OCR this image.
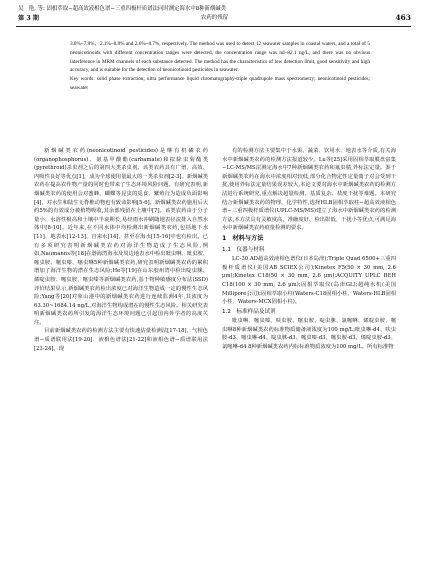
吴　艳, 等: 固相萃取−超高效液相色谱−三重四极杆质谱法同时测定海水中8种新烟碱类
第 3 期	农药的残留	463

3.0%~7.8%，2.1%~8.8% and 2.6%~8.7%, respectively. The method was used to detect 12 seawater samples in coastal waters, and a total of 5 neonicotinoids with different concentration ranges were detected, the concentration range was nd~82.1 ng/L, and there was no obvious interference in MRM channels of each substance detected. The method has the characteristics of low detection limit, good sensitivity and high accuracy, and is suitable for the detection of neonicotinoid pesticides in seawater.

Key words: solid phase extraction; ultra performance liquid chromatography-triple quadrupole mass spectrometry; neonicotinoid pesticides; seawater

新烟碱类农药(neonicotinoid pesticides)是继有机磷农药(organophosphorus)、氨基甲酸酯(carbamate)和拟除虫菊酯类(pyrethroid)杀虫剂之后的第四大类杀虫剂。该类农药具有广谱、高效、内吸性良好等优点[1]，成为全球使用量最大的一类杀虫剂[2-3]。新烟碱类农药在提高农作物产量的同时也带来了生态环境风险问题。有研究表明,新烟碱类农药的使用会对蜜蜂、蝴蝶等昆虫的觅食、繁殖行为造成负面影响[4]，对水生和陆生无脊椎动物也有致命影响[5-6]。新烟碱类农药施用后大约5%的有效成分被植物吸收,其余部残留在土壤中[7]。该类农药由于分子量小、水溶性极高和土壤中半衰期长,易经雨水冲刷随地表径流排入自然水体中[8-10]。近年来,在不同水体中均检测出新烟碱类农药,包括地下水[11]、地表水[12-13]、自来水[14]、甚至在海水[15-16]中也有检出。已有多项研究表明新烟碱类农药对海洋生物造成了生态风险,例如,Naumanns等[18]在渤海湾海水及周边地表水中检出吡虫啉、吡虫胺、噻虫胺、噻虫嗪、噻虫啉5种新烟碱类农药,研究表明新烟碱类农药的累积增加了海洋生物的潜在生态风险;He等[19]在山东胶州湾中检出啶虫脒、烯啶虫胺、噻虫胺、噻虫嗪等新烟碱类农药,基于物种敏感度分布法(SSD)评价结果显示,新烟碱类农药检出浓度已对海洋生物造成一定的慢性生态风险;Yang等[20]对象山港中的新烟碱类农药进行连续监测4年,其浓度为63.30~1684.14 ng/L,对海洋生物构成潜在的慢性生态风险。相关研究表明新烟碱类农药所引发的海洋生态环境问题已引起国内外学者的高度关注。

目前新烟碱类农药的检测方法主要有快速估量检测法[17-18]、气相色谱−质谱联用法[19-20]、液相色谱法[21-22]和液相色谱−质谱联用法[23-24]。现

有的检测方法主要集中于水果、蔬菜、饮用水、地表水等介质,有关海水中新烟碱类农药的检测方法报道较少。Lu等[25]采用固相萃取膜盘富集−LC-MS/MS法测定海水中7种新烟碱类农药和氟虫腈,外标法定量。鉴于新烟碱类农药在海水中浓度相对较低,部分化合物定性定量离子对会受到干扰,使用外标法定量结果误差较大,本论文要对海水中新烟碱类农药的检测方法进行系统研究,重点解决超量检测、基质复杂、盐度干扰等难题。本研究结合新烟碱类农药的物理、化学特性,选择HLB固相萃取柱−超高效液相色谱−三重四极杆质谱仪(UPLC-MS/MS)建立了海水中新烟碱类农药的检测方法,本方法具有灵敏度高、准确度好、检出限低、干扰小等优点,可满足海水中新烟碱类农药痕量检测的要求。

1　材料与方法
1.1　仪器与材料

LC-30 AD超高效液相色谱仪(日本岛津);Triple Quad 6500+三重四极杆质谱仪(美国AB SCIEX公司);Kinetex F5(50 × 30 mm, 2.6 μm);Kinetex C18(50 × 30 mm, 2.6 μm);ACQUITY UPLC BEH C18(100 × 30 mm, 2.6 μm);固相萃取仪(岛津GL);超纯水机(美国Millipore公司);固相萃取小柱(Waters-C18固相小柱、Waters-HLB固相小柱、Waters-MCX固相小柱)。

1.2　标准样品及试剂

吡虫啉、噻虫嗪、呋虫胺、噻虫胺、啶虫脒、氯噻啉、烯啶虫胺、噻虫啉8种新烟碱类农药标准物质储备液浓度为100 mg/L;吡虫啉-d4、呋虫胺-d3、噻虫啉-d4、啶虫脒-d3、噻虫嗪-d3、噻虫胺-d3、烯啶虫胺-d3、氯噻啉-d4 8种新烟碱类农药内标标准物质浓度为100 mg/L。所有标准物
